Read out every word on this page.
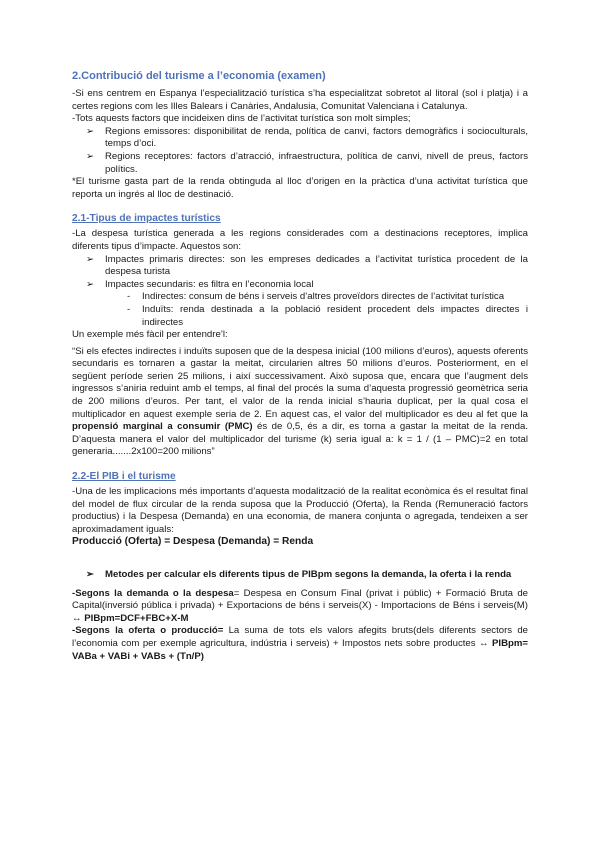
2.Contribució del turisme a l’economia (examen)

-Si ens centrem en Espanya l’especialització turística s’ha especialitzat sobretot al litoral (sol i platja) i a certes regions com les Illes Balears i Canàries, Andalusia, Comunitat Valenciana i Catalunya.

-Tots aquests factors que incideixen dins de l’activitat turística son molt simples;

➢ Regions emissores: disponibilitat de renda, política de canvi, factors demogràfics i socioculturals, temps d’oci.
➢ Regions receptores: factors d’atracció, infraestructura, política de canvi, nivell de preus, factors polítics.

*El turisme gasta part de la renda obtinguda al lloc d’origen en la pràctica d’una activitat turística que reporta un ingrés al lloc de destinació.

2.1-Tipus de impactes turístics

-La despesa turística generada a les regions considerades com a destinacions receptores, implica diferents tipus d’impacte. Aquestos son:

➢ Impactes primaris directes: son les empreses dedicades a l’activitat turística procedent de la despesa turista
➢ Impactes secundaris: es filtra en l’economia local
- Indirectes: consum de béns i serveis d’altres proveïdors directes de l’activitat turística
- Induïts: renda destinada a la població resident procedent dels impactes directes i indirectes

Un exemple més fàcil per entendre’l:

“Si els efectes indirectes i induïts suposen que de la despesa inicial (100 milions d’euros), aquests oferents secundaris es tornaren a gastar la meitat, circularien altres 50 milions d’euros. Posteriorment, en el següent període serien 25 milions, i així successivament. Això suposa que, encara que l’augment dels ingressos s’aniria reduint amb el temps, al final del procés la suma d’aquesta progressió geomètrica seria de 200 milions d’euros. Per tant, el valor de la renda inicial s’hauria duplicat, per la qual cosa el multiplicador en aquest exemple seria de 2. En aquest cas, el valor del multiplicador es deu al fet que la propensió marginal a consumir (PMC) és de 0,5, és a dir, es torna a gastar la meitat de la renda. D’aquesta manera el valor del multiplicador del turisme (k) seria igual a: k = 1 / (1 – PMC)=2 en total generaria.......2x100=200 milions”

2.2-El PIB i el turisme

-Una de les implicacions més importants d’aquesta modalització de la realitat econòmica és el resultat final del model de flux circular de la renda suposa que la Producció (Oferta), la Renda (Remuneració factors productius) i la Despesa (Demanda) en una economia, de manera conjunta o agregada, tendeixen a ser aproximadament iguals:

Producció (Oferta) = Despesa (Demanda) = Renda

➢ Metodes per calcular els diferents tipus de PIBpm segons la demanda, la oferta i la renda

-Segons la demanda o la despesa= Despesa en Consum Final (privat i públic) + Formació Bruta de Capital(inversió pública i privada) + Exportacions de béns i serveis(X) - Importacions de Béns i serveis(M) ↔ PIBpm=DCF+FBC+X-M

-Segons la oferta o producció= La suma de tots els valors afegits bruts(dels diferents sectors de l’economia com per exemple agricultura, indústria i serveis) + Impostos nets sobre productes ↔ PIBpm= VABa + VABi + VABs + (Tn/P)
